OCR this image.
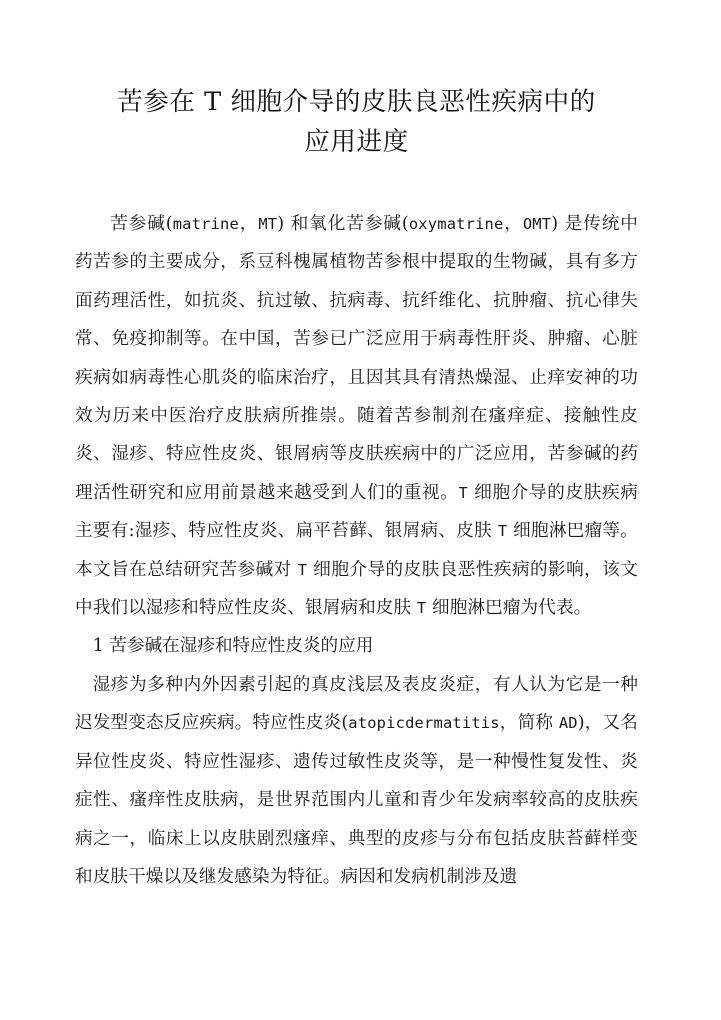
苦参在 T 细胞介导的皮肤良恶性疾病中的
应用进度

苦参碱(matrine，MT) 和氧化苦参碱(oxymatrine，OMT) 是传统中药苦参的主要成分，系豆科槐属植物苦参根中提取的生物碱，具有多方面药理活性，如抗炎、抗过敏、抗病毒、抗纤维化、抗肿瘤、抗心律失常、免疫抑制等。在中国，苦参已广泛应用于病毒性肝炎、肿瘤、心脏疾病如病毒性心肌炎的临床治疗，且因其具有清热燥湿、止痒安神的功效为历来中医治疗皮肤病所推崇。随着苦参制剂在瘙痒症、接触性皮炎、湿疹、特应性皮炎、银屑病等皮肤疾病中的广泛应用，苦参碱的药理活性研究和应用前景越来越受到人们的重视。T 细胞介导的皮肤疾病主要有:湿疹、特应性皮炎、扁平苔藓、银屑病、皮肤 T 细胞淋巴瘤等。本文旨在总结研究苦参碱对 T 细胞介导的皮肤良恶性疾病的影响，该文中我们以湿疹和特应性皮炎、银屑病和皮肤 T 细胞淋巴瘤为代表。

1 苦参碱在湿疹和特应性皮炎的应用

湿疹为多种内外因素引起的真皮浅层及表皮炎症，有人认为它是一种迟发型变态反应疾病。特应性皮炎(atopicdermatitis，简称 AD)，又名异位性皮炎、特应性湿疹、遗传过敏性皮炎等，是一种慢性复发性、炎症性、瘙痒性皮肤病，是世界范围内儿童和青少年发病率较高的皮肤疾病之一，临床上以皮肤剧烈瘙痒、典型的皮疹与分布包括皮肤苔藓样变和皮肤干燥以及继发感染为特征。病因和发病机制涉及遗
